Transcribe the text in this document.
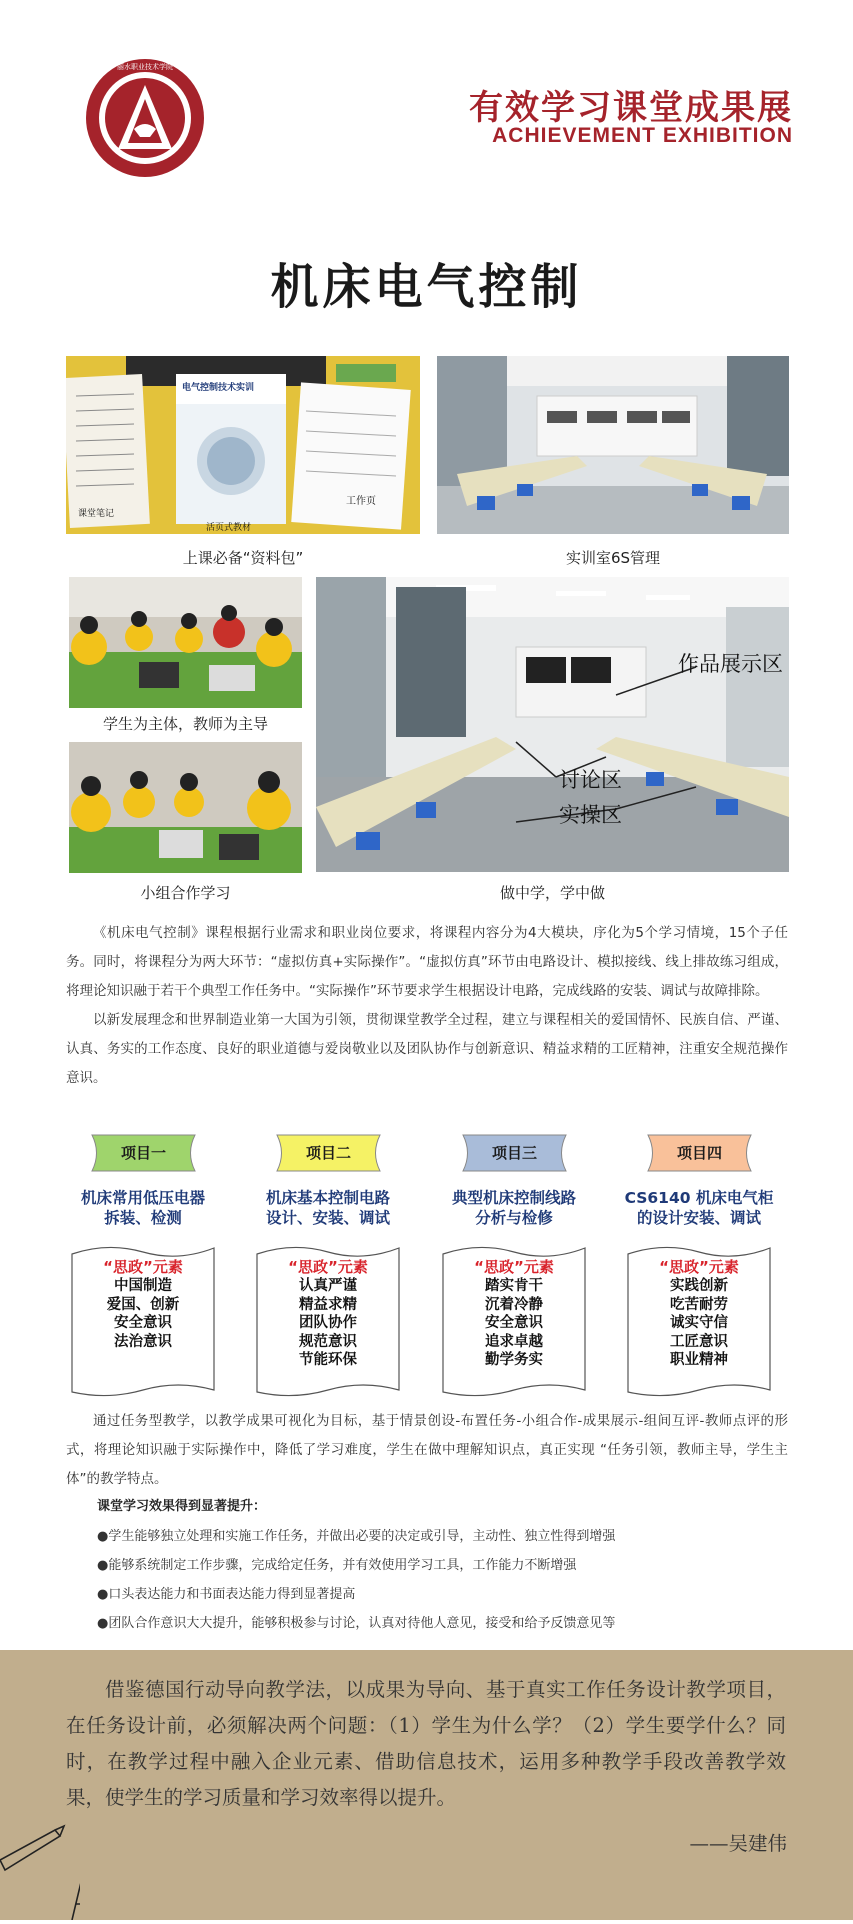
丽水职业技术学院
有效学习课堂成果展
ACHIEVEMENT EXHIBITION
机床电气控制
课堂笔记
电气控制技术实训
活页式教材
工作页
上课必备“资料包”	实训室6S管理
学生为主体，教师为主导
小组合作学习
作品展示区
讨论区
实操区
做中学，学中做

《机床电气控制》课程根据行业需求和职业岗位要求，将课程内容分为4大模块，序化为5个学习情境，15个子任务。同时，将课程分为两大环节：“虚拟仿真+实际操作”。“虚拟仿真”环节由电路设计、模拟接线、线上排故练习组成，将理论知识融于若干个典型工作任务中。“实际操作”环节要求学生根据设计电路，完成线路的安装、调试与故障排除。

以新发展理念和世界制造业第一大国为引领，贯彻课堂教学全过程，建立与课程相关的爱国情怀、民族自信、严谨、认真、务实的工作态度、良好的职业道德与爱岗敬业以及团队协作与创新意识、精益求精的工匠精神，注重安全规范操作意识。

项目一
机床常用低压电器
拆装、检测
“思政”元素
中国制造
爱国、创新
安全意识
法治意识
项目二
机床基本控制电路
设计、安装、调试
“思政”元素
认真严谨
精益求精
团队协作
规范意识
节能环保
项目三
典型机床控制线路
分析与检修
“思政”元素
踏实肯干
沉着冷静
安全意识
追求卓越
勤学务实
项目四
CS6140 机床电气柜
的设计安装、调试
“思政”元素
实践创新
吃苦耐劳
诚实守信
工匠意识
职业精神

通过任务型教学，以教学成果可视化为目标，基于情景创设-布置任务-小组合作-成果展示-组间互评-教师点评的形式，将理论知识融于实际操作中，降低了学习难度，学生在做中理解知识点，真正实现 “任务引领，教师主导，学生主体”的教学特点。

课堂学习效果得到显著提升：
●学生能够独立处理和实施工作任务，并做出必要的决定或引导，主动性、独立性得到增强
●能够系统制定工作步骤，完成给定任务，并有效使用学习工具，工作能力不断增强
●口头表达能力和书面表达能力得到显著提高
●团队合作意识大大提升，能够积极参与讨论，认真对待他人意见，接受和给予反馈意见等

借鉴德国行动导向教学法，以成果为导向、基于真实工作任务设计教学项目，在任务设计前，必须解决两个问题：（1）学生为什么学？（2）学生要学什么？同时，在教学过程中融入企业元素、借助信息技术，运用多种教学手段改善教学效果，使学生的学习质量和学习效率得以提升。

——吴建伟
